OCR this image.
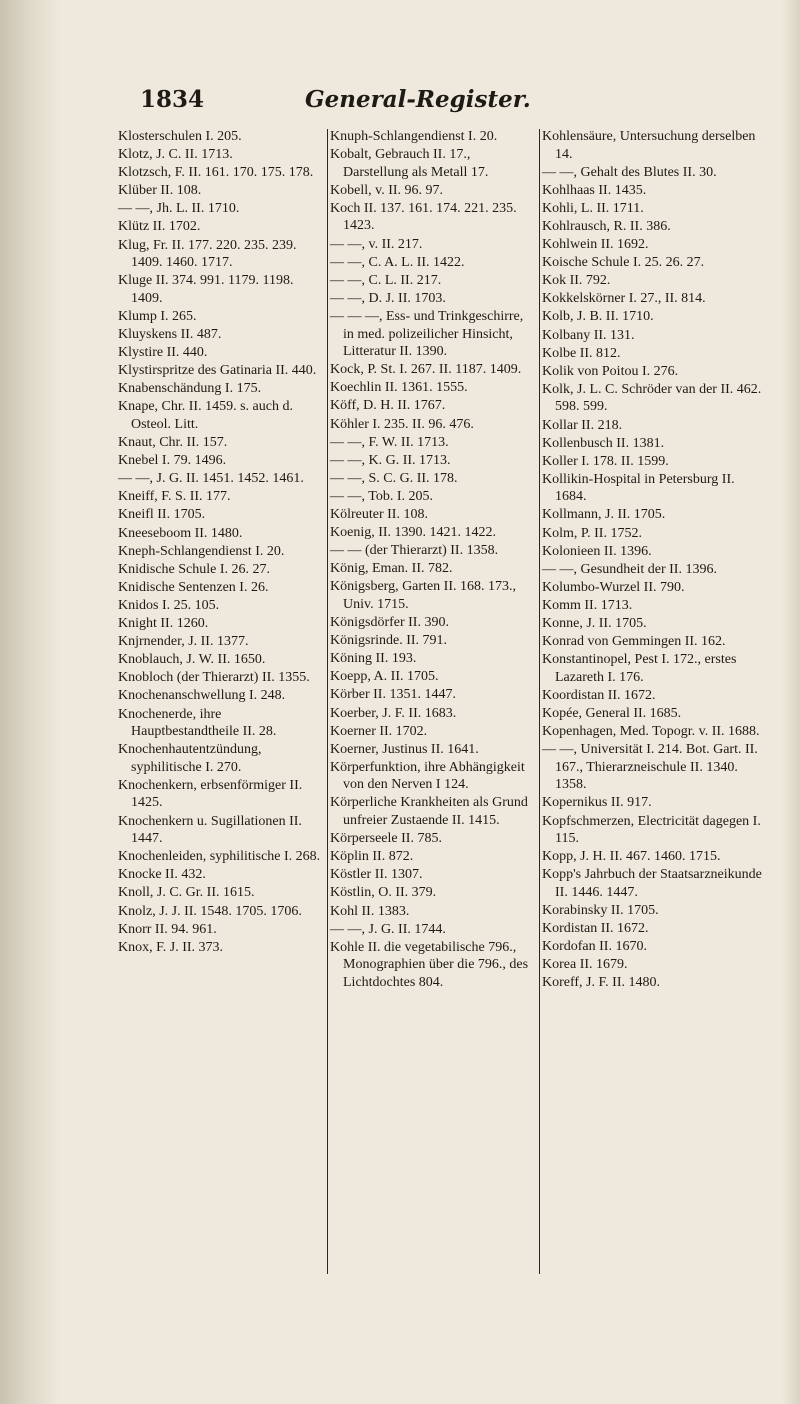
1834	General-Register.
Klosterschulen I. 205.
Klotz, J. C. II. 1713.
Klotzsch, F. II. 161. 170. 175. 178.
Klüber II. 108.
— —, Jh. L. II. 1710.
Klütz II. 1702.
Klug, Fr. II. 177. 220. 235. 239. 1409. 1460. 1717.
Kluge II. 374. 991. 1179. 1198. 1409.
Klump I. 265.
Kluyskens II. 487.
Klystire II. 440.
Klystirspritze des Gatinaria II. 440.
Knabenschändung I. 175.
Knape, Chr. II. 1459. s. auch d. Osteol. Litt.
Knaut, Chr. II. 157.
Knebel I. 79. 1496.
— —, J. G. II. 1451. 1452. 1461.
Kneiff, F. S. II. 177.
Kneifl II. 1705.
Kneeseboom II. 1480.
Kneph-Schlangendienst I. 20.
Knidische Schule I. 26. 27.
Knidische Sentenzen I. 26.
Knidos I. 25. 105.
Knight II. 1260.
Knjrnender, J. II. 1377.
Knoblauch, J. W. II. 1650.
Knobloch (der Thierarzt) II. 1355.
Knochenanschwellung I. 248.
Knochenerde, ihre Hauptbestandtheile II. 28.
Knochenhautentzündung, syphilitische I. 270.
Knochenkern, erbsenförmiger II. 1425.
Knochenkern u. Sugillationen II. 1447.
Knochenleiden, syphilitische I. 268.
Knocke II. 432.
Knoll, J. C. Gr. II. 1615.
Knolz, J. J. II. 1548. 1705. 1706.
Knorr II. 94. 961.
Knox, F. J. II. 373.
Knuph-Schlangendienst I. 20.
Kobalt, Gebrauch II. 17., Darstellung als Metall 17.
Kobell, v. II. 96. 97.
Koch II. 137. 161. 174. 221. 235. 1423.
— —, v. II. 217.
— —, C. A. L. II. 1422.
— —, C. L. II. 217.
— —, D. J. II. 1703.
— — —, Ess- und Trinkgeschirre, in med. polizeilicher Hinsicht, Litteratur II. 1390.
Kock, P. St. I. 267. II. 1187. 1409.
Koechlin II. 1361. 1555.
Köff, D. H. II. 1767.
Köhler I. 235. II. 96. 476.
— —, F. W. II. 1713.
— —, K. G. II. 1713.
— —, S. C. G. II. 178.
— —, Tob. I. 205.
Kölreuter II. 108.
Koenig, II. 1390. 1421. 1422.
— — (der Thierarzt) II. 1358.
König, Eman. II. 782.
Königsberg, Garten II. 168. 173., Univ. 1715.
Königsdörfer II. 390.
Königsrinde. II. 791.
Köning II. 193.
Koepp, A. II. 1705.
Körber II. 1351. 1447.
Koerber, J. F. II. 1683.
Koerner II. 1702.
Koerner, Justinus II. 1641.
Körperfunktion, ihre Abhängigkeit von den Nerven I 124.
Körperliche Krankheiten als Grund unfreier Zustaende II. 1415.
Körperseele II. 785.
Köplin II. 872.
Köstler II. 1307.
Köstlin, O. II. 379.
Kohl II. 1383.
— —, J. G. II. 1744.
Kohle II. die vegetabilische 796., Monographien über die 796., des Lichtdochtes 804.
Kohlensäure, Untersuchung derselben 14.
— —, Gehalt des Blutes II. 30.
Kohlhaas II. 1435.
Kohli, L. II. 1711.
Kohlrausch, R. II. 386.
Kohlwein II. 1692.
Koische Schule I. 25. 26. 27.
Kok II. 792.
Kokkelskörner I. 27., II. 814.
Kolb, J. B. II. 1710.
Kolbany II. 131.
Kolbe II. 812.
Kolik von Poitou I. 276.
Kolk, J. L. C. Schröder van der II. 462. 598. 599.
Kollar II. 218.
Kollenbusch II. 1381.
Koller I. 178. II. 1599.
Kollikin-Hospital in Petersburg II. 1684.
Kollmann, J. II. 1705.
Kolm, P. II. 1752.
Kolonieen II. 1396.
— —, Gesundheit der II. 1396.
Kolumbo-Wurzel II. 790.
Komm II. 1713.
Konne, J. II. 1705.
Konrad von Gemmingen II. 162.
Konstantinopel, Pest I. 172., erstes Lazareth I. 176.
Koordistan II. 1672.
Kopée, General II. 1685.
Kopenhagen, Med. Topogr. v. II. 1688.
— —, Universität I. 214. Bot. Gart. II. 167., Thierarzneischule II. 1340. 1358.
Kopernikus II. 917.
Kopfschmerzen, Electricität dagegen I. 115.
Kopp, J. H. II. 467. 1460. 1715.
Kopp's Jahrbuch der Staatsarzneikunde II. 1446. 1447.
Korabinsky II. 1705.
Kordistan II. 1672.
Kordofan II. 1670.
Korea II. 1679.
Koreff, J. F. II. 1480.
